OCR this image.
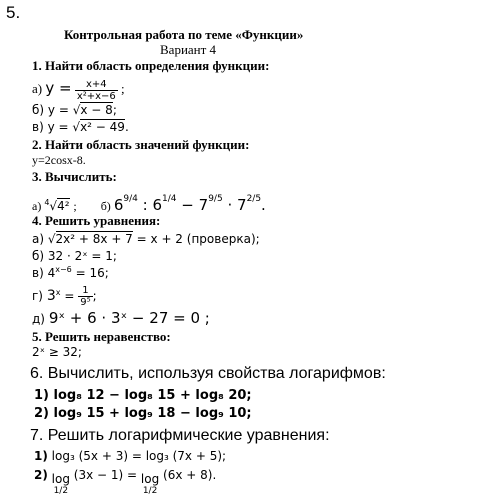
5.
Контрольная работа по теме «Функции»
Вариант 4
1. Найти область определения функции:
а) $y = \frac{x+4}{\text{x²+x−6}}$ ;
б) y = √x − 8;
в) y = √x² − 49.
2. Найти область значений функции:
y=2cosx-8.
3. Вычислить:
а) $^4$√4² ; б) $6^{9/4}$ : $6^{1/4} - 7^{9/5} \cdot 7^{2/5}$.
4. Решить уравнения:
а) √2x² + 8x + 7 = x + 2 (проверка);
б) 32 · 2ˣ = 1;
в) $4^{x-6} = 16$;
г) $3^x = \frac{1}{\text{9⁵}}$ ;
д) 9ˣ + 6 · 3ˣ − 27 = 0 ;
5. Решить неравенство:
2ˣ ≥ 32;
6. Вычислить, используя свойства логарифмов:
1) log₈ 12 − log₈ 15 + log₈ 20;
2) log₉ 15 + log₉ 18 − log₉ 10;
7. Решить логарифмические уравнения:
1) log₃ (5x + 3) = log₃ (7x + 5);
2) log
1/2
(3x − 1) = log
1/2
(6x + 8).
